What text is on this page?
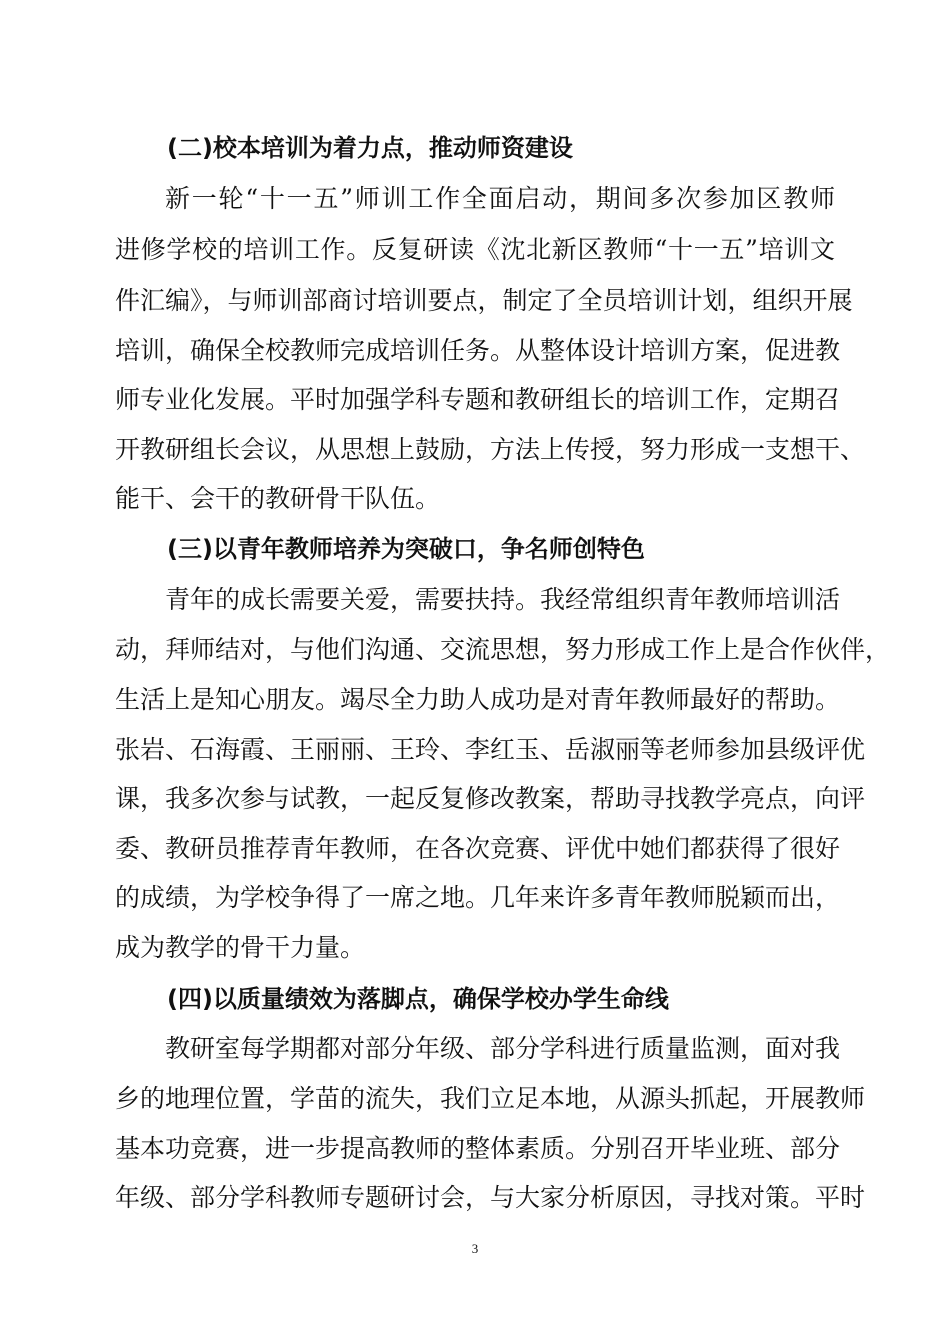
(二)校本培训为着力点，推动师资建设
新一轮“十一五”师训工作全面启动，期间多次参加区教师
进修学校的培训工作。反复研读《沈北新区教师“十一五”培训文
件汇编》，与师训部商讨培训要点，制定了全员培训计划，组织开展
培训，确保全校教师完成培训任务。从整体设计培训方案，促进教
师专业化发展。平时加强学科专题和教研组长的培训工作，定期召
开教研组长会议，从思想上鼓励，方法上传授，努力形成一支想干、
能干、会干的教研骨干队伍。
(三)以青年教师培养为突破口，争名师创特色
青年的成长需要关爱，需要扶持。我经常组织青年教师培训活
动，拜师结对，与他们沟通、交流思想，努力形成工作上是合作伙伴，
生活上是知心朋友。竭尽全力助人成功是对青年教师最好的帮助。
张岩、石海霞、王丽丽、王玲、李红玉、岳淑丽等老师参加县级评优
课，我多次参与试教，一起反复修改教案，帮助寻找教学亮点，向评
委、教研员推荐青年教师，在各次竞赛、评优中她们都获得了很好
的成绩，为学校争得了一席之地。几年来许多青年教师脱颖而出，
成为教学的骨干力量。
(四)以质量绩效为落脚点，确保学校办学生命线
教研室每学期都对部分年级、部分学科进行质量监测，面对我
乡的地理位置，学苗的流失，我们立足本地，从源头抓起，开展教师
基本功竞赛，进一步提高教师的整体素质。分别召开毕业班、部分
年级、部分学科教师专题研讨会，与大家分析原因，寻找对策。平时
3
